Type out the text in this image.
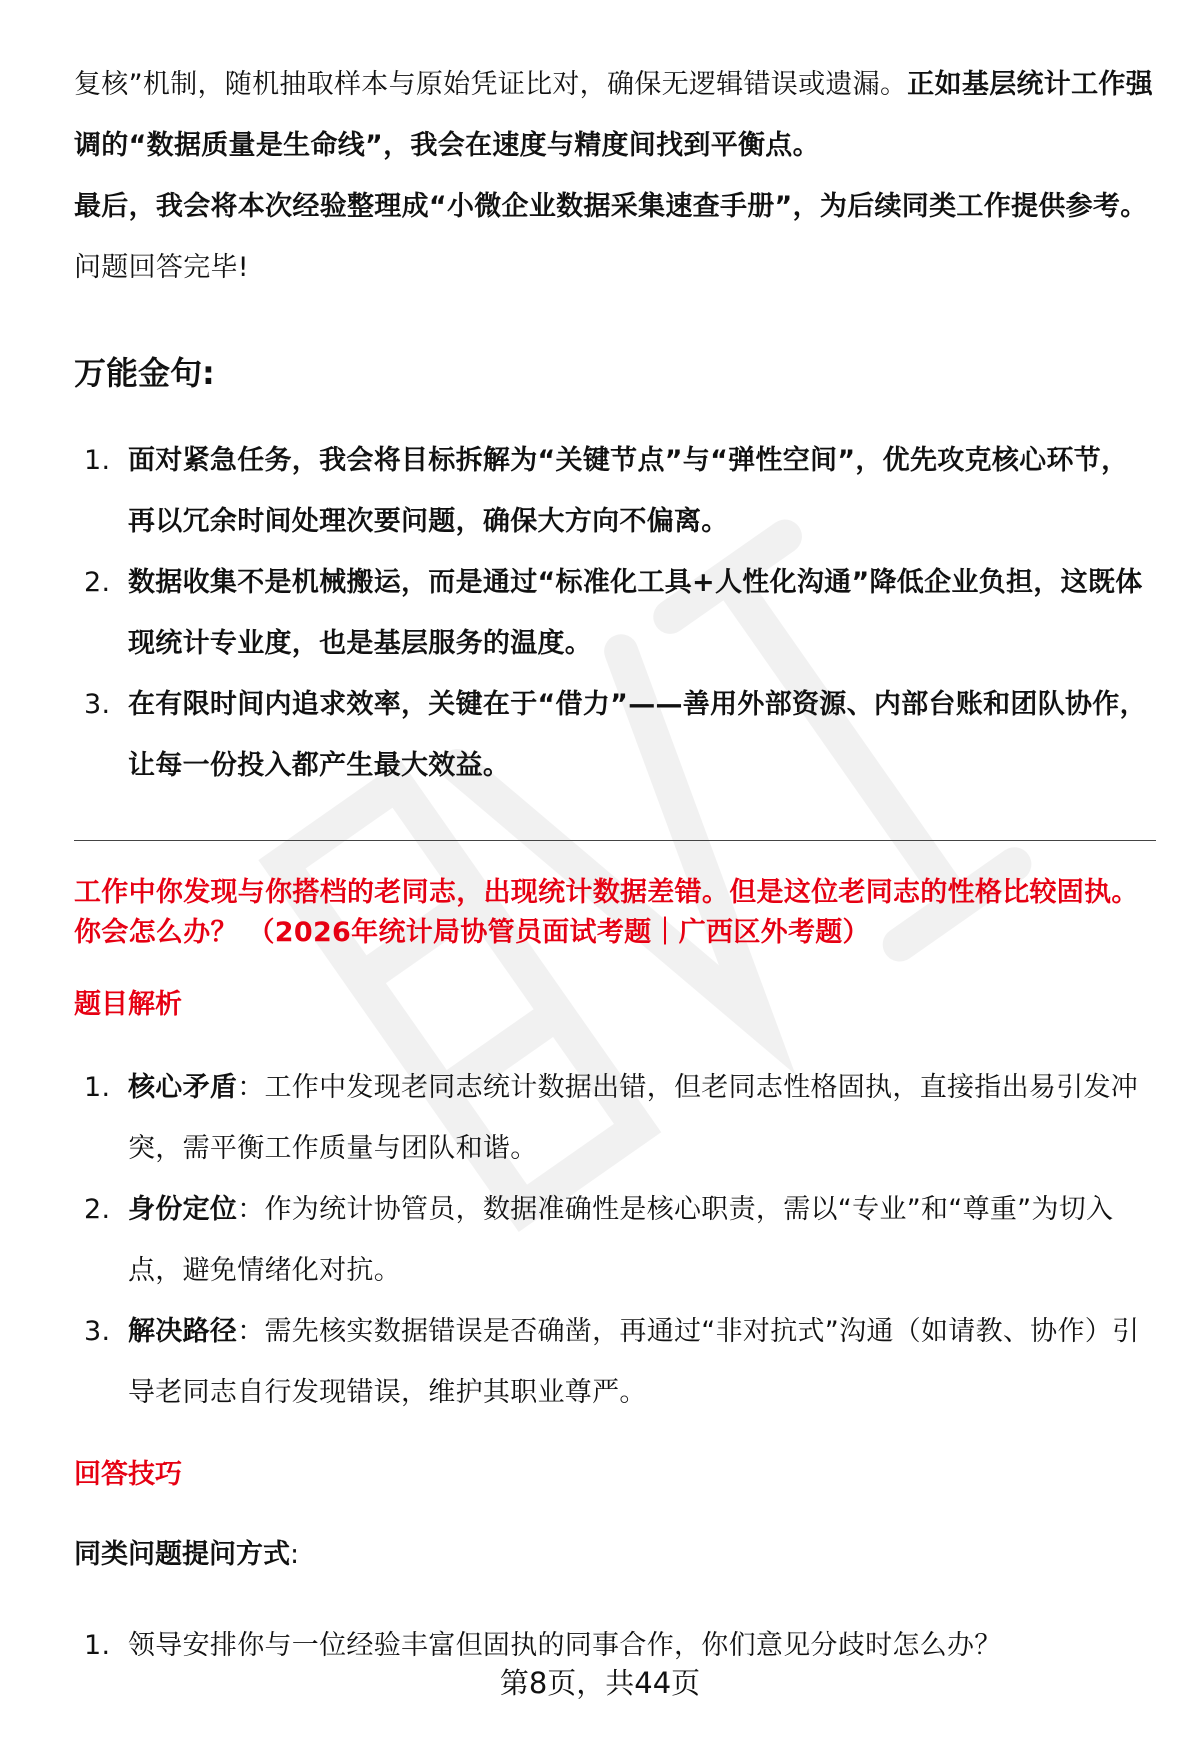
复核”机制，随机抽取样本与原始凭证比对，确保无逻辑错误或遗漏。正如基层统计工作强调的“数据质量是生命线”，我会在速度与精度间找到平衡点。

最后，我会将本次经验整理成“小微企业数据采集速查手册”，为后续同类工作提供参考。 问题回答完毕!

万能金句:
1. 面对紧急任务，我会将目标拆解为“关键节点”与“弹性空间”，优先攻克核心环节，再以冗余时间处理次要问题，确保大方向不偏离。
2. 数据收集不是机械搬运，而是通过“标准化工具+人性化沟通”降低企业负担，这既体现统计专业度，也是基层服务的温度。
3. 在有限时间内追求效率，关键在于“借力”——善用外部资源、内部台账和团队协作，让每一份投入都产生最大效益。

工作中你发现与你搭档的老同志，出现统计数据差错。但是这位老同志的性格比较固执。你会怎么办？ （2026年统计局协管员面试考题｜广西区外考题）

题目解析
1. 核心矛盾：工作中发现老同志统计数据出错，但老同志性格固执，直接指出易引发冲突，需平衡工作质量与团队和谐。
2. 身份定位：作为统计协管员，数据准确性是核心职责，需以“专业”和“尊重”为切入点，避免情绪化对抗。
3. 解决路径：需先核实数据错误是否确凿，再通过“非对抗式”沟通（如请教、协作）引导老同志自行发现错误，维护其职业尊严。
回答技巧

同类问题提问方式:

1. 领导安排你与一位经验丰富但固执的同事合作，你们意见分歧时怎么办？
第8页，共44页
